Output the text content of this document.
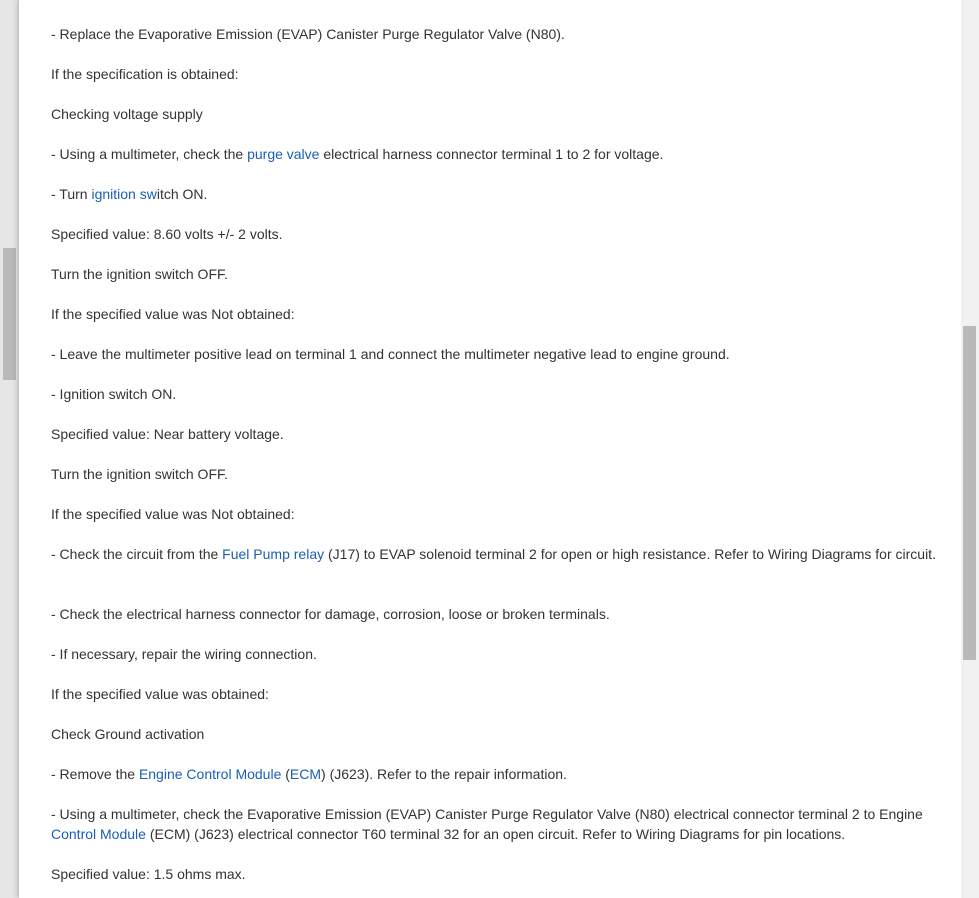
- Replace the Evaporative Emission (EVAP) Canister Purge Regulator Valve (N80).
If the specification is obtained:
Checking voltage supply
- Using a multimeter, check the purge valve electrical harness connector terminal 1 to 2 for voltage.
- Turn ignition switch ON.
Specified value: 8.60 volts +/- 2 volts.
Turn the ignition switch OFF.
If the specified value was Not obtained:
- Leave the multimeter positive lead on terminal 1 and connect the multimeter negative lead to engine ground.
- Ignition switch ON.
Specified value: Near battery voltage.
Turn the ignition switch OFF.
If the specified value was Not obtained:
- Check the circuit from the Fuel Pump relay (J17) to EVAP solenoid terminal 2 for open or high resistance. Refer to Wiring Diagrams for circuit.
- Check the electrical harness connector for damage, corrosion, loose or broken terminals.
- If necessary, repair the wiring connection.
If the specified value was obtained:
Check Ground activation
- Remove the Engine Control Module (ECM) (J623). Refer to the repair information.
- Using a multimeter, check the Evaporative Emission (EVAP) Canister Purge Regulator Valve (N80) electrical connector terminal 2 to Engine Control Module (ECM) (J623) electrical connector T60 terminal 32 for an open circuit. Refer to Wiring Diagrams for pin locations.
Specified value: 1.5 ohms max.
